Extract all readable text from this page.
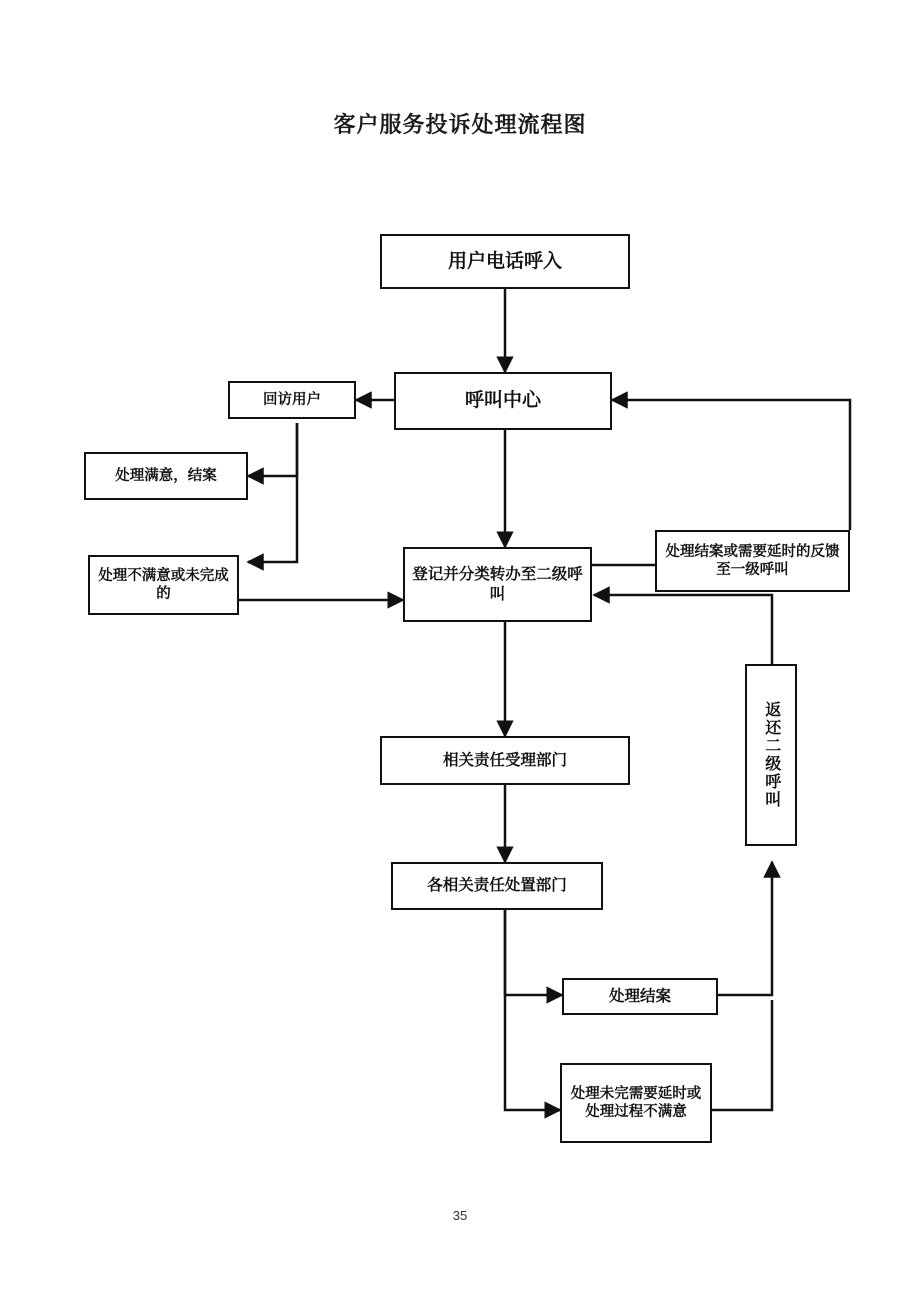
客户服务投诉处理流程图
用户电话呼入
呼叫中心
回访用户
处理满意，结案
处理不满意或未完成的
登记并分类转办至二级呼叫
处理结案或需要延时的反馈至一级呼叫
返还二级呼叫
相关责任受理部门
各相关责任处置部门
处理结案
处理未完需要延时或处理过程不满意
35
